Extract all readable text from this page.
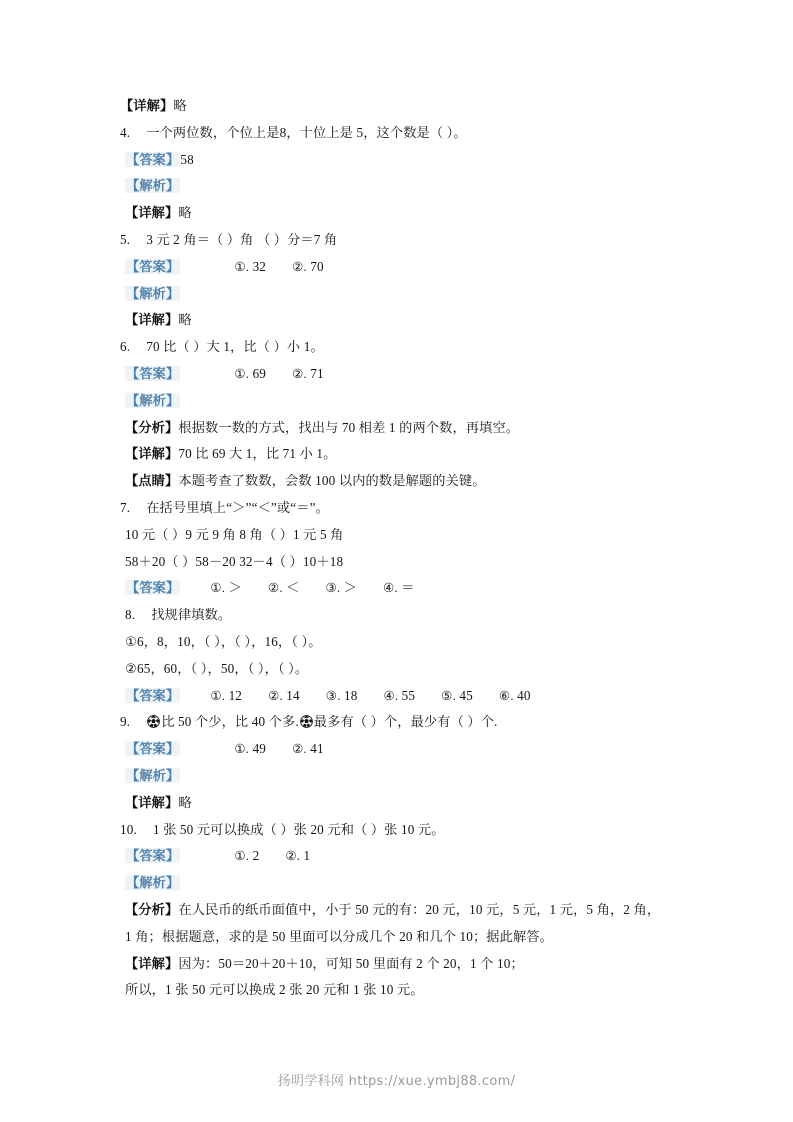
【详解】略
4. 一个两位数，个位上是8，十位上是 5，这个数是（ ）。
【答案】58
【解析】
【详解】略
5. 3 元 2 角＝（ ）角 （ ）分＝7 角
【答案】	①. 32 ②. 70
【解析】
【详解】略
6. 70 比（ ）大 1，比（ ）小 1。
【答案】	①. 69 ②. 71
【解析】
【分析】根据数一数的方式，找出与 70 相差 1 的两个数，再填空。
【详解】70 比 69 大 1，比 71 小 1。
【点睛】本题考查了数数，会数 100 以内的数是解题的关键。
7. 在括号里填上“＞”“＜”或“＝”。
10 元（ ）9 元 9 角 8 角（ ）1 元 5 角
58＋20（ ）58－20 32－4（ ）10＋18
【答案】 ①. ＞ ②. ＜ ③. ＞ ④. ＝
8. 找规律填数。
①6，8，10，（ ），（ ），16，（ ）。
②65，60，（ ），50，（ ），（ ）。
【答案】 ①. 12 ②. 14 ③. 18 ④. 55 ⑤. 45 ⑥. 40
9. 比 50 个少，比 40 个多. 最多有（ ）个，最少有（ ）个.
【答案】	①. 49 ②. 41
【解析】
【详解】略
10. 1 张 50 元可以换成（ ）张 20 元和（ ）张 10 元。
【答案】	①. 2 ②. 1
【解析】
【分析】在人民币的纸币面值中，小于 50 元的有：20 元，10 元，5 元，1 元，5 角，2 角，
1 角；根据题意，求的是 50 里面可以分成几个 20 和几个 10；据此解答。
【详解】因为：50＝20＋20＋10，可知 50 里面有 2 个 20，1 个 10；
所以，1 张 50 元可以换成 2 张 20 元和 1 张 10 元。
扬明学科网 https://xue.ymbj88.com/
